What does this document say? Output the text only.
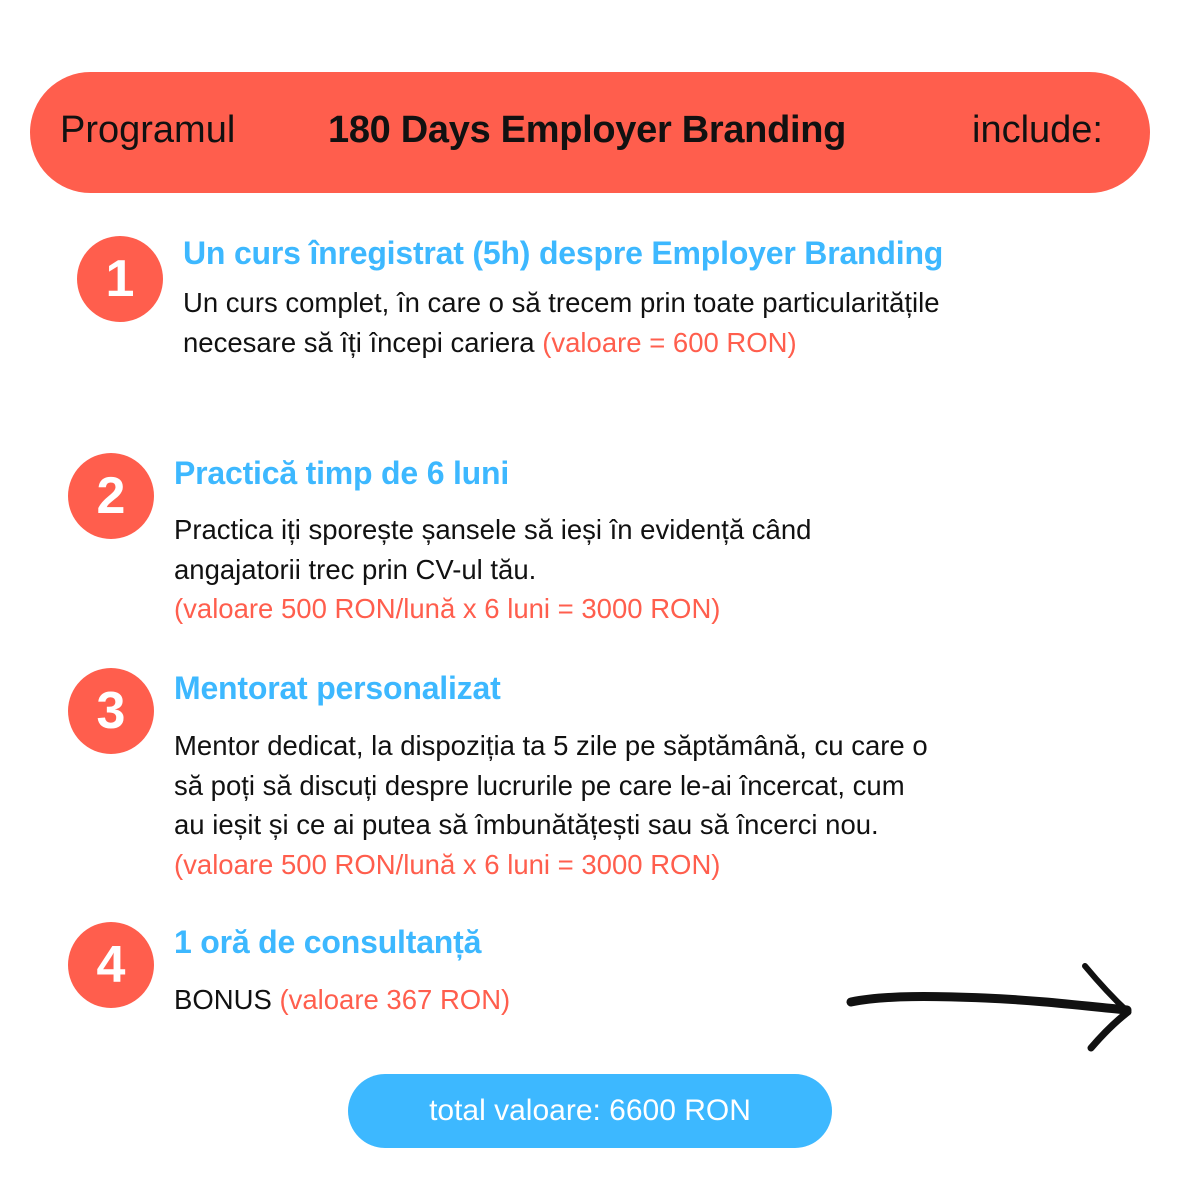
Programul 180 Days Employer Branding	include:
1	Un curs înregistrat (5h) despre Employer Branding
Un curs complet, în care o să trecem prin toate particularitățile
necesare să îți începi cariera (valoare = 600 RON)
2	Practică timp de 6 luni
Practica iți sporește șansele să ieși în evidență când
angajatorii trec prin CV-ul tău.
(valoare 500 RON/lună x 6 luni = 3000 RON)
3	Mentorat personalizat
Mentor dedicat, la dispoziția ta 5 zile pe săptămână, cu care o
să poți să discuți despre lucrurile pe care le-ai încercat, cum
au ieșit și ce ai putea să îmbunătățești sau să încerci nou.
(valoare 500 RON/lună x 6 luni = 3000 RON)
4	1 oră de consultanță
BONUS (valoare 367 RON)
total valoare: 6600 RON
